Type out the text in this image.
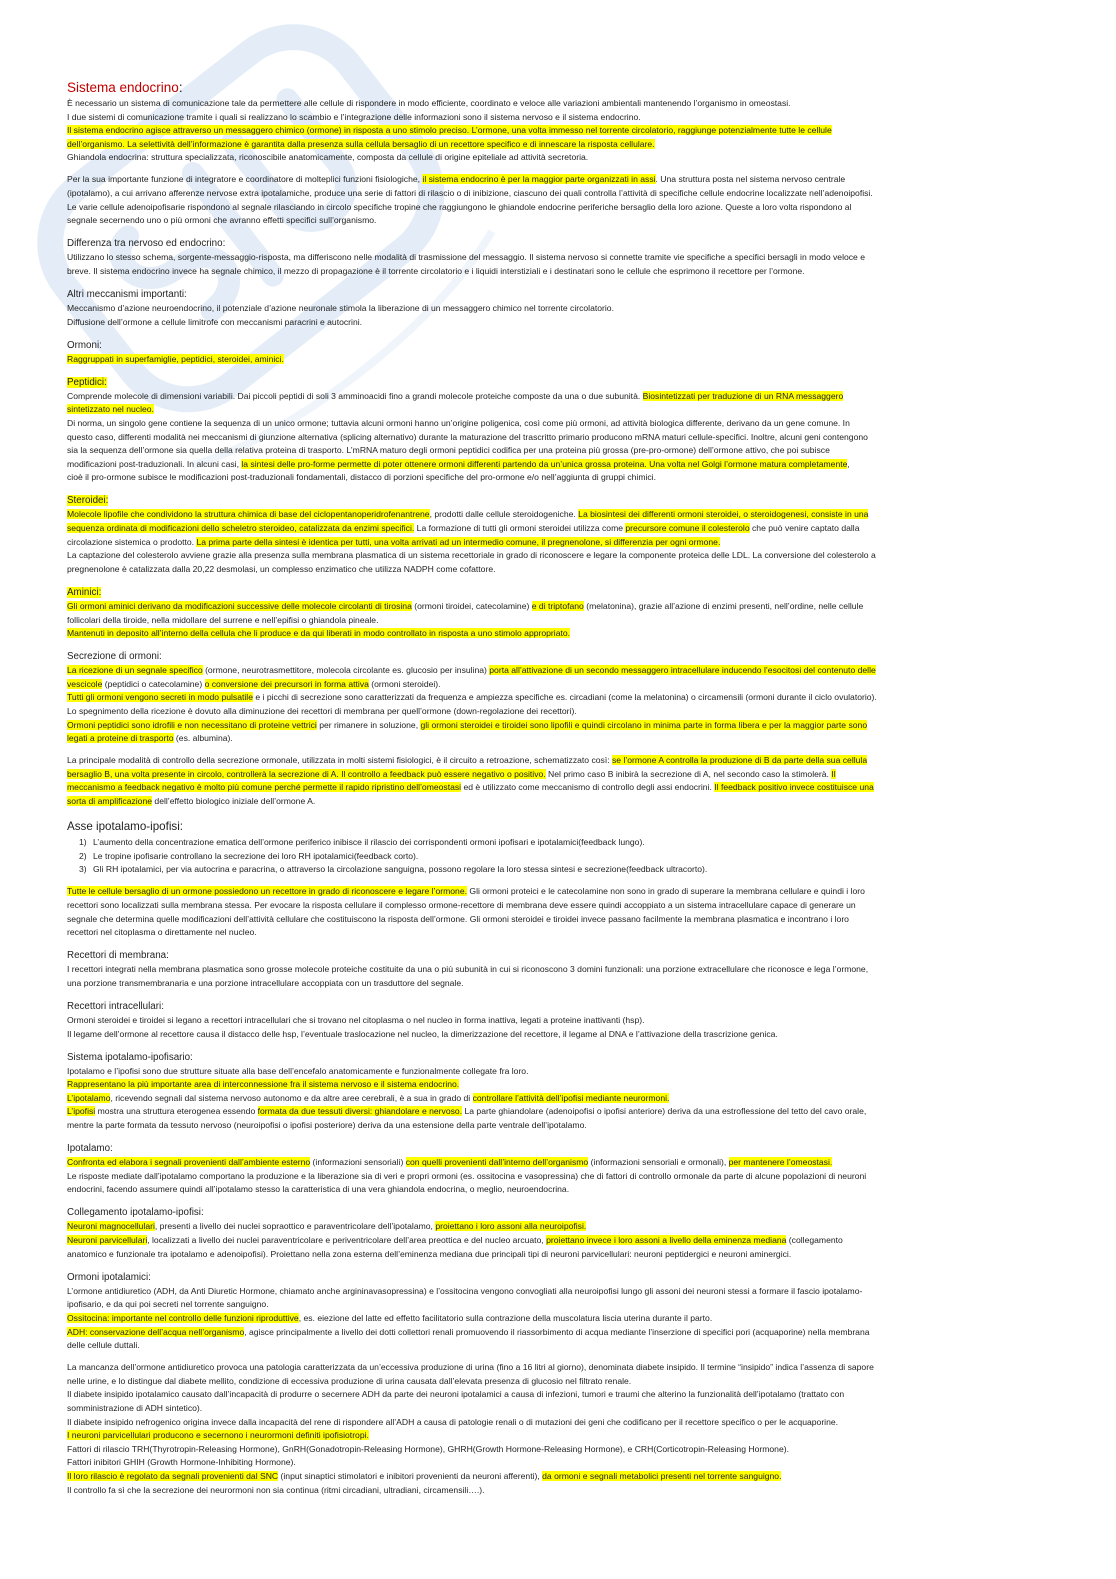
Sistema endocrino:
È necessario un sistema di comunicazione tale da permettere alle cellule di rispondere in modo efficiente, coordinato e veloce alle variazioni ambientali mantenendo l’organismo in omeostasi.
I due sistemi di comunicazione tramite i quali si realizzano lo scambio e l’integrazione delle informazioni sono il sistema nervoso e il sistema endocrino.
Il sistema endocrino agisce attraverso un messaggero chimico (ormone) in risposta a uno stimolo preciso. L’ormone, una volta immesso nel torrente circolatorio, raggiunge potenzialmente tutte le cellule
dell’organismo. La selettività dell’informazione è garantita dalla presenza sulla cellula bersaglio di un recettore specifico e di innescare la risposta cellulare.
Ghiandola endocrina: struttura specializzata, riconoscibile anatomicamente, composta da cellule di origine epiteliale ad attività secretoria.
Per la sua importante funzione di integratore e coordinatore di molteplici funzioni fisiologiche, il sistema endocrino è per la maggior parte organizzati in assi. Una struttura posta nel sistema nervoso centrale
(ipotalamo), a cui arrivano afferenze nervose extra ipotalamiche, produce una serie di fattori di rilascio o di inibizione, ciascuno dei quali controlla l’attività di specifiche cellule endocrine localizzate nell’adenoipofisi.
Le varie cellule adenoipofisarie rispondono al segnale rilasciando in circolo specifiche tropine che raggiungono le ghiandole endocrine periferiche bersaglio della loro azione. Queste a loro volta rispondono al
segnale secernendo uno o più ormoni che avranno effetti specifici sull’organismo.
Differenza tra nervoso ed endocrino:
Utilizzano lo stesso schema, sorgente-messaggio-risposta, ma differiscono nelle modalità di trasmissione del messaggio. Il sistema nervoso si connette tramite vie specifiche a specifici bersagli in modo veloce e
breve. Il sistema endocrino invece ha segnale chimico, il mezzo di propagazione è il torrente circolatorio e i liquidi interstiziali e i destinatari sono le cellule che esprimono il recettore per l’ormone.
Altri meccanismi importanti:
Meccanismo d’azione neuroendocrino, il potenziale d’azione neuronale stimola la liberazione di un messaggero chimico nel torrente circolatorio.
Diffusione dell’ormone a cellule limitrofe con meccanismi paracrini e autocrini.
Ormoni:
Raggruppati in superfamiglie, peptidici, steroidei, aminici.
Peptidici:
Comprende molecole di dimensioni variabili. Dai piccoli peptidi di soli 3 amminoacidi fino a grandi molecole proteiche composte da una o due subunità. Biosintetizzati per traduzione di un RNA messaggero
sintetizzato nel nucleo.
Di norma, un singolo gene contiene la sequenza di un unico ormone; tuttavia alcuni ormoni hanno un’origine poligenica, così come più ormoni, ad attività biologica differente, derivano da un gene comune. In
questo caso, differenti modalità nei meccanismi di giunzione alternativa (splicing alternativo) durante la maturazione del trascritto primario producono mRNA maturi cellule-specifici. Inoltre, alcuni geni contengono
sia la sequenza dell’ormone sia quella della relativa proteina di trasporto. L’mRNA maturo degli ormoni peptidici codifica per una proteina più grossa (pre-pro-ormone) dell’ormone attivo, che poi subisce
modificazioni post-traduzionali. In alcuni casi, la sintesi delle pro-forme permette di poter ottenere ormoni differenti partendo da un’unica grossa proteina. Una volta nel Golgi l’ormone matura completamente,
cioè il pro-ormone subisce le modificazioni post-traduzionali fondamentali, distacco di porzioni specifiche del pro-ormone e/o nell’aggiunta di gruppi chimici.
Steroidei:
Molecole lipofile che condividono la struttura chimica di base del ciclopentanoperidrofenantrene, prodotti dalle cellule steroidogeniche. La biosintesi dei differenti ormoni steroidei, o steroidogenesi, consiste in una
sequenza ordinata di modificazioni dello scheletro steroideo, catalizzata da enzimi specifici. La formazione di tutti gli ormoni steroidei utilizza come precursore comune il colesterolo che può venire captato dalla
circolazione sistemica o prodotto. La prima parte della sintesi è identica per tutti, una volta arrivati ad un intermedio comune, il pregnenolone, si differenzia per ogni ormone.
La captazione del colesterolo avviene grazie alla presenza sulla membrana plasmatica di un sistema recettoriale in grado di riconoscere e legare la componente proteica delle LDL. La conversione del colesterolo a
pregnenolone è catalizzata dalla 20,22 desmolasi, un complesso enzimatico che utilizza NADPH come cofattore.
Aminici:
Gli ormoni aminici derivano da modificazioni successive delle molecole circolanti di tirosina (ormoni tiroidei, catecolamine) e di triptofano (melatonina), grazie all’azione di enzimi presenti, nell’ordine, nelle cellule
follicolari della tiroide, nella midollare del surrene e nell’epifisi o ghiandola pineale.
Mantenuti in deposito all’interno della cellula che li produce e da qui liberati in modo controllato in risposta a uno stimolo appropriato.
Secrezione di ormoni:
La ricezione di un segnale specifico (ormone, neurotrasmettitore, molecola circolante es. glucosio per insulina) porta all’attivazione di un secondo messaggero intracellulare inducendo l’esocitosi del contenuto delle
vescicole (peptidici o catecolamine) o conversione dei precursori in forma attiva (ormoni steroidei).
Tutti gli ormoni vengono secreti in modo pulsatile e i picchi di secrezione sono caratterizzati da frequenza e ampiezza specifiche es. circadiani (come la melatonina) o circamensili (ormoni durante il ciclo ovulatorio).
Lo spegnimento della ricezione è dovuto alla diminuzione dei recettori di membrana per quell’ormone (down-regolazione dei recettori).
Ormoni peptidici sono idrofili e non necessitano di proteine vettrici per rimanere in soluzione, gli ormoni steroidei e tiroidei sono lipofili e quindi circolano in minima parte in forma libera e per la maggior parte sono
legati a proteine di trasporto (es. albumina).
La principale modalità di controllo della secrezione ormonale, utilizzata in molti sistemi fisiologici, è il circuito a retroazione, schematizzato così: se l’ormone A controlla la produzione di B da parte della sua cellula
bersaglio B, una volta presente in circolo, controllerà la secrezione di A. Il controllo a feedback può essere negativo o positivo. Nel primo caso B inibirà la secrezione di A, nel secondo caso la stimolerà. Il
meccanismo a feedback negativo è molto più comune perché permette il rapido ripristino dell’omeostasi ed è utilizzato come meccanismo di controllo degli assi endocrini. Il feedback positivo invece costituisce una
sorta di amplificazione dell’effetto biologico iniziale dell’ormone A.
Asse ipotalamo-ipofisi:
1) L’aumento della concentrazione ematica dell’ormone periferico inibisce il rilascio dei corrispondenti ormoni ipofisari e ipotalamici(feedback lungo).
2) Le tropine ipofisarie controllano la secrezione dei loro RH ipotalamici(feedback corto).
3) Gli RH ipotalamici, per via autocrina e paracrina, o attraverso la circolazione sanguigna, possono regolare la loro stessa sintesi e secrezione(feedback ultracorto).
Tutte le cellule bersaglio di un ormone possiedono un recettore in grado di riconoscere e legare l’ormone. Gli ormoni proteici e le catecolamine non sono in grado di superare la membrana cellulare e quindi i loro
recettori sono localizzati sulla membrana stessa. Per evocare la risposta cellulare il complesso ormone-recettore di membrana deve essere quindi accoppiato a un sistema intracellulare capace di generare un
segnale che determina quelle modificazioni dell’attività cellulare che costituiscono la risposta dell’ormone. Gli ormoni steroidei e tiroidei invece passano facilmente la membrana plasmatica e incontrano i loro
recettori nel citoplasma o direttamente nel nucleo.
Recettori di membrana:
I recettori integrati nella membrana plasmatica sono grosse molecole proteiche costituite da una o più subunità in cui si riconoscono 3 domini funzionali: una porzione extracellulare che riconosce e lega l’ormone,
una porzione transmembranaria e una porzione intracellulare accoppiata con un trasduttore del segnale.
Recettori intracellulari:
Ormoni steroidei e tiroidei si legano a recettori intracellulari che si trovano nel citoplasma o nel nucleo in forma inattiva, legati a proteine inattivanti (hsp).
Il legame dell’ormone al recettore causa il distacco delle hsp, l’eventuale traslocazione nel nucleo, la dimerizzazione del recettore, il legame al DNA e l’attivazione della trascrizione genica.
Sistema ipotalamo-ipofisario:
Ipotalamo e l’ipofisi sono due strutture situate alla base dell’encefalo anatomicamente e funzionalmente collegate fra loro.
Rappresentano la più importante area di interconnessione fra il sistema nervoso e il sistema endocrino.
L’ipotalamo, ricevendo segnali dal sistema nervoso autonomo e da altre aree cerebrali, è a sua in grado di controllare l’attività dell’ipofisi mediante neurormoni.
L’ipofisi mostra una struttura eterogenea essendo formata da due tessuti diversi: ghiandolare e nervoso. La parte ghiandolare (adenoipofisi o ipofisi anteriore) deriva da una estroflessione del tetto del cavo orale,
mentre la parte formata da tessuto nervoso (neuroipofisi o ipofisi posteriore) deriva da una estensione della parte ventrale dell’ipotalamo.
Ipotalamo:
Confronta ed elabora i segnali provenienti dall’ambiente esterno (informazioni sensoriali) con quelli provenienti dall’interno dell’organismo (informazioni sensoriali e ormonali), per mantenere l’omeostasi.
Le risposte mediate dall’ipotalamo comportano la produzione e la liberazione sia di veri e propri ormoni (es. ossitocina e vasopressina) che di fattori di controllo ormonale da parte di alcune popolazioni di neuroni
endocrini, facendo assumere quindi all’ipotalamo stesso la caratteristica di una vera ghiandola endocrina, o meglio, neuroendocrina.
Collegamento ipotalamo-ipofisi:
Neuroni magnocellulari, presenti a livello dei nuclei sopraottico e paraventricolare dell’ipotalamo, proiettano i loro assoni alla neuroipofisi.
Neuroni parvicellulari, localizzati a livello dei nuclei paraventricolare e periventricolare dell’area preottica e del nucleo arcuato, proiettano invece i loro assoni a livello della eminenza mediana (collegamento
anatomico e funzionale tra ipotalamo e adenoipofisi). Proiettano nella zona esterna dell’eminenza mediana due principali tipi di neuroni parvicellulari: neuroni peptidergici e neuroni aminergici.
Ormoni ipotalamici:
L’ormone antidiuretico (ADH, da Anti Diuretic Hormone, chiamato anche argininavasopressina) e l’ossitocina vengono convogliati alla neuroipofisi lungo gli assoni dei neuroni stessi a formare il fascio ipotalamo-
ipofisario, e da qui poi secreti nel torrente sanguigno.
Ossitocina: importante nel controllo delle funzioni riproduttive, es. eiezione del latte ed effetto facilitatorio sulla contrazione della muscolatura liscia uterina durante il parto.
ADH: conservazione dell’acqua nell’organismo, agisce principalmente a livello dei dotti collettori renali promuovendo il riassorbimento di acqua mediante l’inserzione di specifici pori (acquaporine) nella membrana
delle cellule duttali.
La mancanza dell’ormone antidiuretico provoca una patologia caratterizzata da un’eccessiva produzione di urina (fino a 16 litri al giorno), denominata diabete insipido. Il termine “insipido” indica l’assenza di sapore
nelle urine, e lo distingue dal diabete mellito, condizione di eccessiva produzione di urina causata dall’elevata presenza di glucosio nel filtrato renale.
Il diabete insipido ipotalamico causato dall’incapacità di produrre o secernere ADH da parte dei neuroni ipotalamici a causa di infezioni, tumori e traumi che alterino la funzionalità dell’ipotalamo (trattato con
somministrazione di ADH sintetico).
Il diabete insipido nefrogenico origina invece dalla incapacità del rene di rispondere all’ADH a causa di patologie renali o di mutazioni dei geni che codificano per il recettore specifico o per le acquaporine.
I neuroni parvicellulari producono e secernono i neurormoni definiti ipofisiotropi.
Fattori di rilascio TRH(Thyrotropin-Releasing Hormone), GnRH(Gonadotropin-Releasing Hormone), GHRH(Growth Hormone-Releasing Hormone), e CRH(Corticotropin-Releasing Hormone).
Fattori inibitori GHIH (Growth Hormone-Inhibiting Hormone).
Il loro rilascio è regolato da segnali provenienti dal SNC (input sinaptici stimolatori e inibitori provenienti da neuroni afferenti), da ormoni e segnali metabolici presenti nel torrente sanguigno.
Il controllo fa sì che la secrezione dei neurormoni non sia continua (ritmi circadiani, ultradiani, circamensili….).
